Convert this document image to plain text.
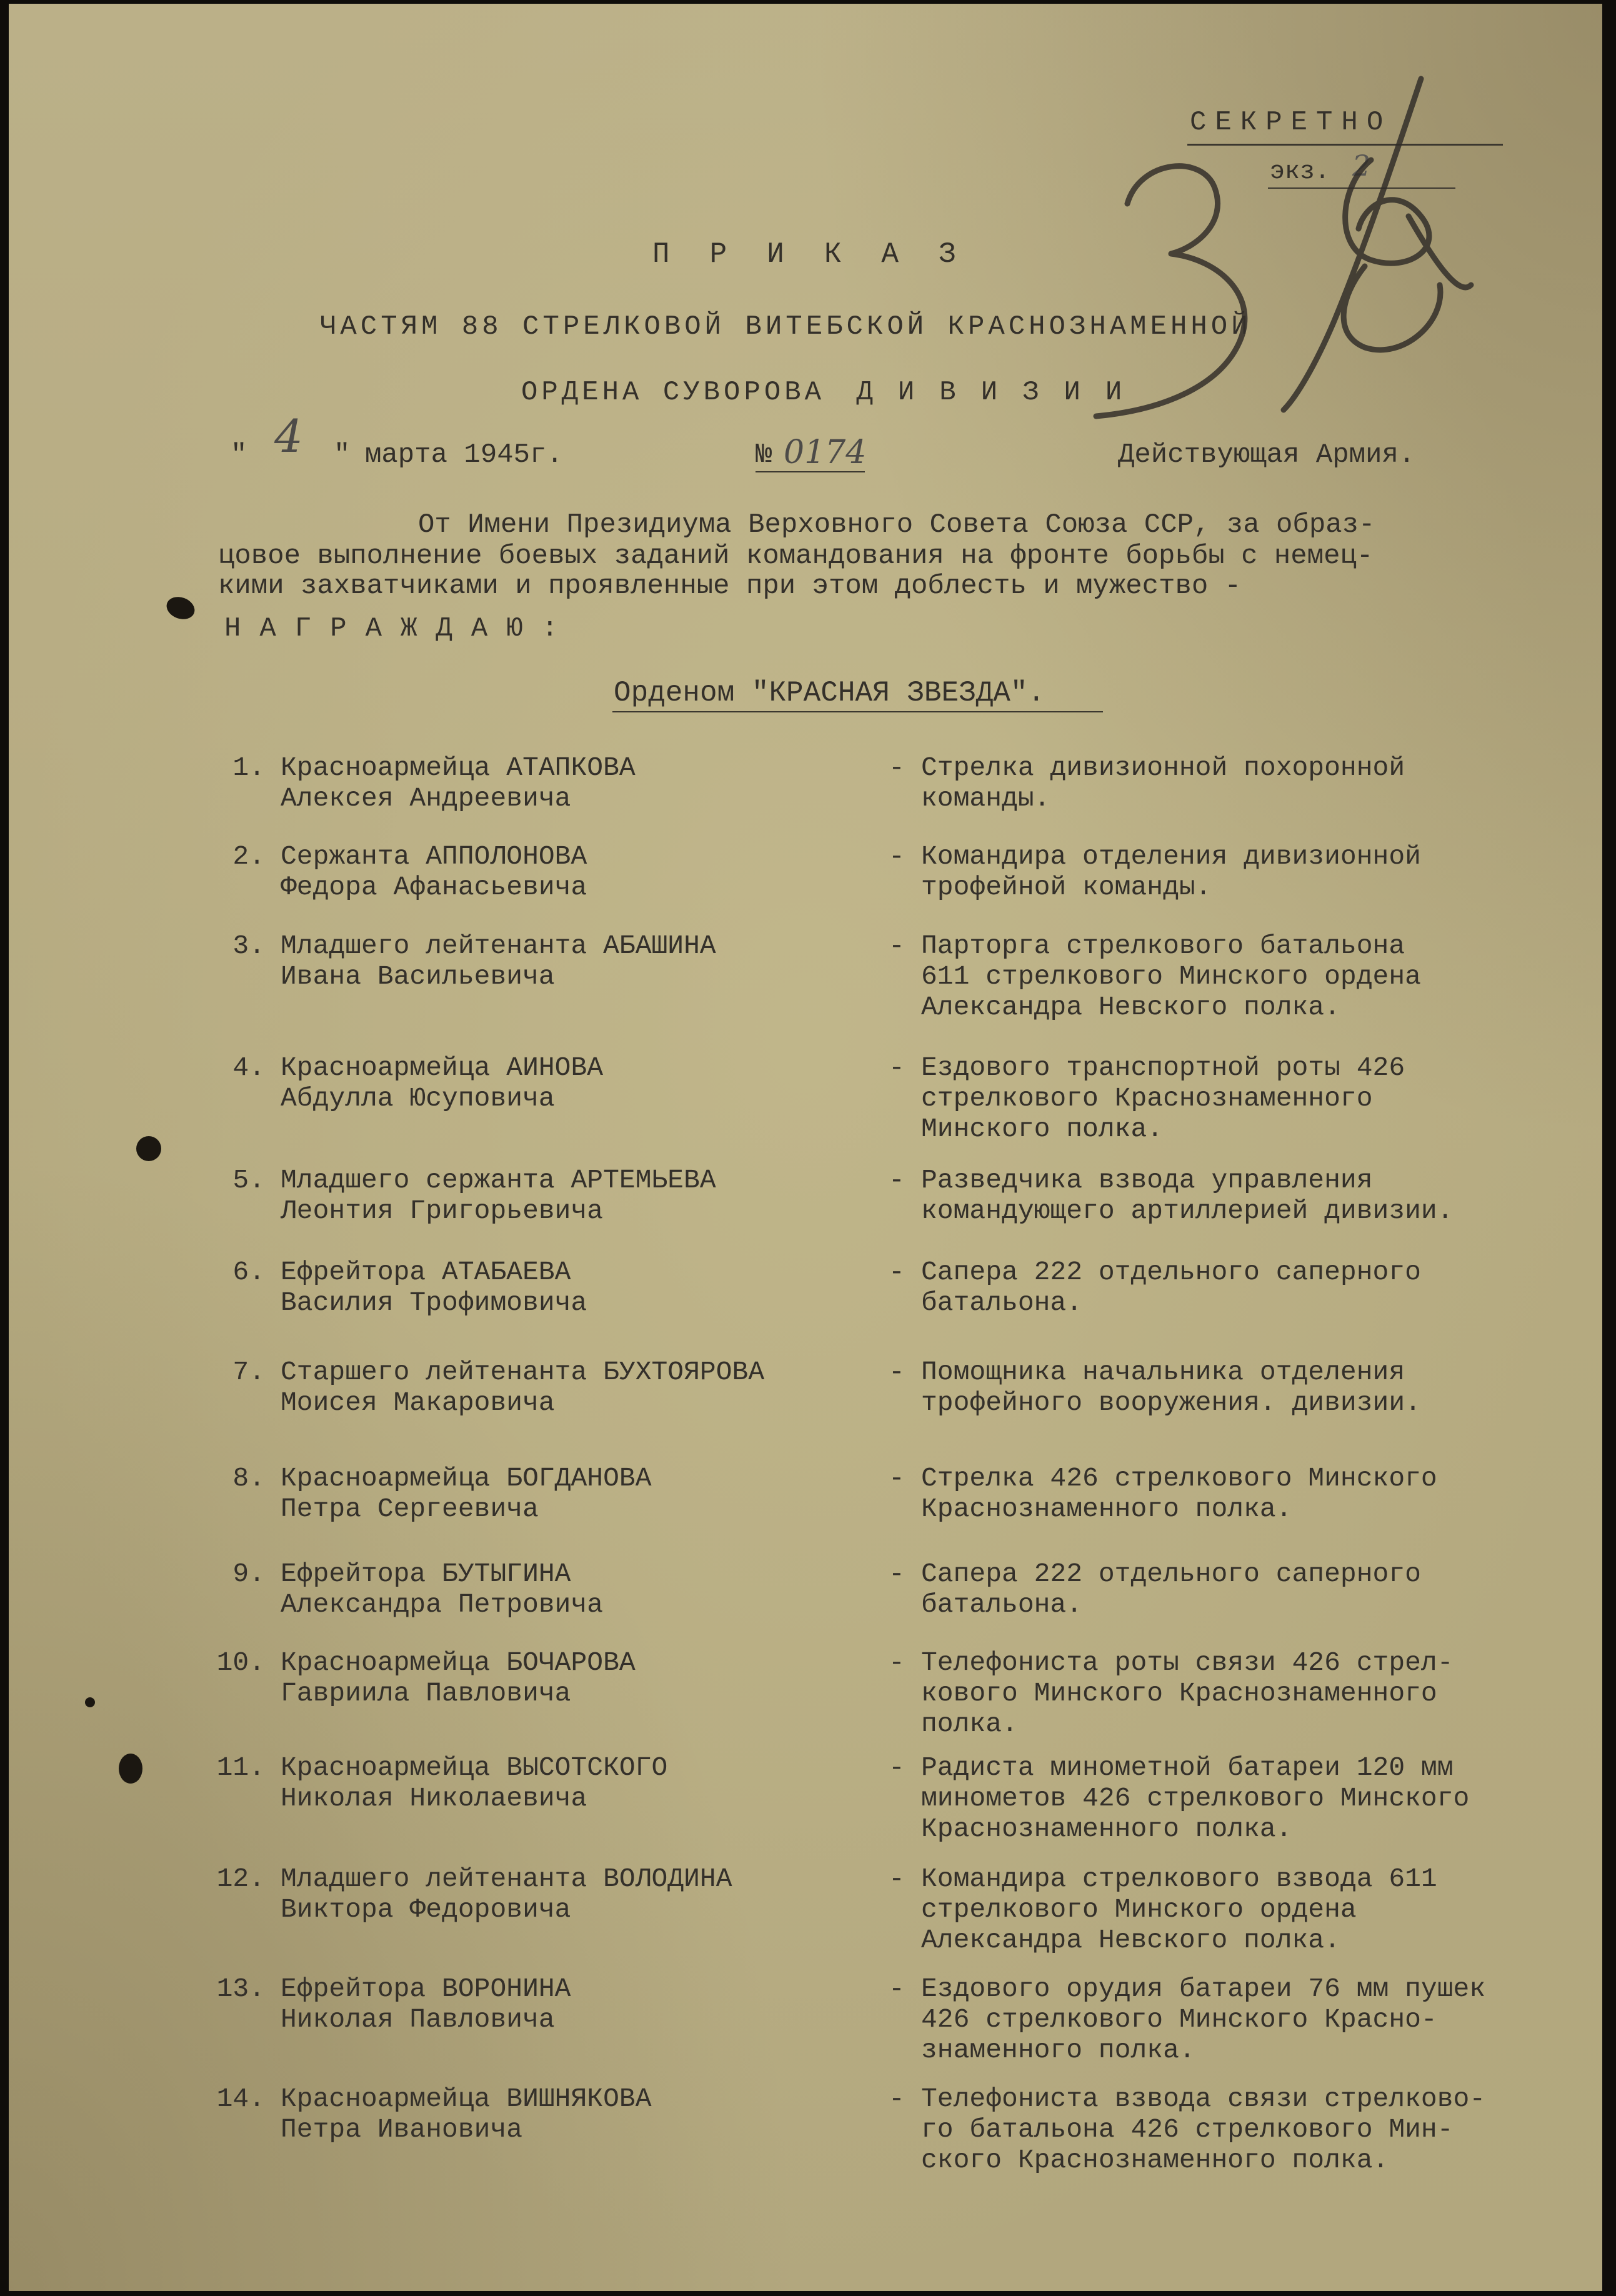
СЕКРЕТНО
экз. 2
ПРИКАЗ
ЧАСТЯМ 88 СТРЕЛКОВОЙ ВИТЕБСКОЙ КРАСНОЗНАМЕННОЙ
ОРДЕНА СУВОРОВА ДИВИЗИИ
" 4 " марта 1945г.	№ 0174	Действующая Армия.
От Имени Президиума Верховного Совета Союза ССР, за образ-
цовое выполнение боевых заданий командования на фронте борьбы с немец-
кими захватчиками и проявленные при этом доблесть и мужество -
НАГРАЖДАЮ:
Орденом "КРАСНАЯ ЗВЕЗДА".
1. Красноармейца АТАПКОВА
Алексея Андреевича
- Стрелка дивизионной похоронной
команды.
2. Сержанта АППОЛОНОВА
Федора Афанасьевича
- Командира отделения дивизионной
трофейной команды.
3. Младшего лейтенанта АБАШИНА
Ивана Васильевича
- Парторга стрелкового батальона
611 стрелкового Минского ордена
Александра Невского полка.
4. Красноармейца АИНОВА
Абдулла Юсуповича
- Ездового транспортной роты 426
стрелкового Краснознаменного
Минского полка.
5. Младшего сержанта АРТЕМЬЕВА
Леонтия Григорьевича
- Разведчика взвода управления
командующего артиллерией дивизии.
6. Ефрейтора АТАБАЕВА
Василия Трофимовича
- Сапера 222 отдельного саперного
батальона.
7. Старшего лейтенанта БУХТОЯРОВА
Моисея Макаровича
- Помощника начальника отделения
трофейного вооружения. дивизии.
8. Красноармейца БОГДАНОВА
Петра Сергеевича
- Стрелка 426 стрелкового Минского
Краснознаменного полка.
9. Ефрейтора БУТЫГИНА
Александра Петровича
- Сапера 222 отдельного саперного
батальона.
10. Красноармейца БОЧАРОВА
Гавриила Павловича
- Телефониста роты связи 426 стрел-
кового Минского Краснознаменного
полка.
11. Красноармейца ВЫСОТСКОГО
Николая Николаевича
- Радиста минометной батареи 120 мм
минометов 426 стрелкового Минского
Краснознаменного полка.
12. Младшего лейтенанта ВОЛОДИНА
Виктора Федоровича
- Командира стрелкового взвода 611
стрелкового Минского ордена
Александра Невского полка.
13. Ефрейтора ВОРОНИНА
Николая Павловича
- Ездового орудия батареи 76 мм пушек
426 стрелкового Минского Красно-
знаменного полка.
14. Красноармейца ВИШНЯКОВА
Петра Ивановича
- Телефониста взвода связи стрелково-
го батальона 426 стрелкового Мин-
ского Краснознаменного полка.
